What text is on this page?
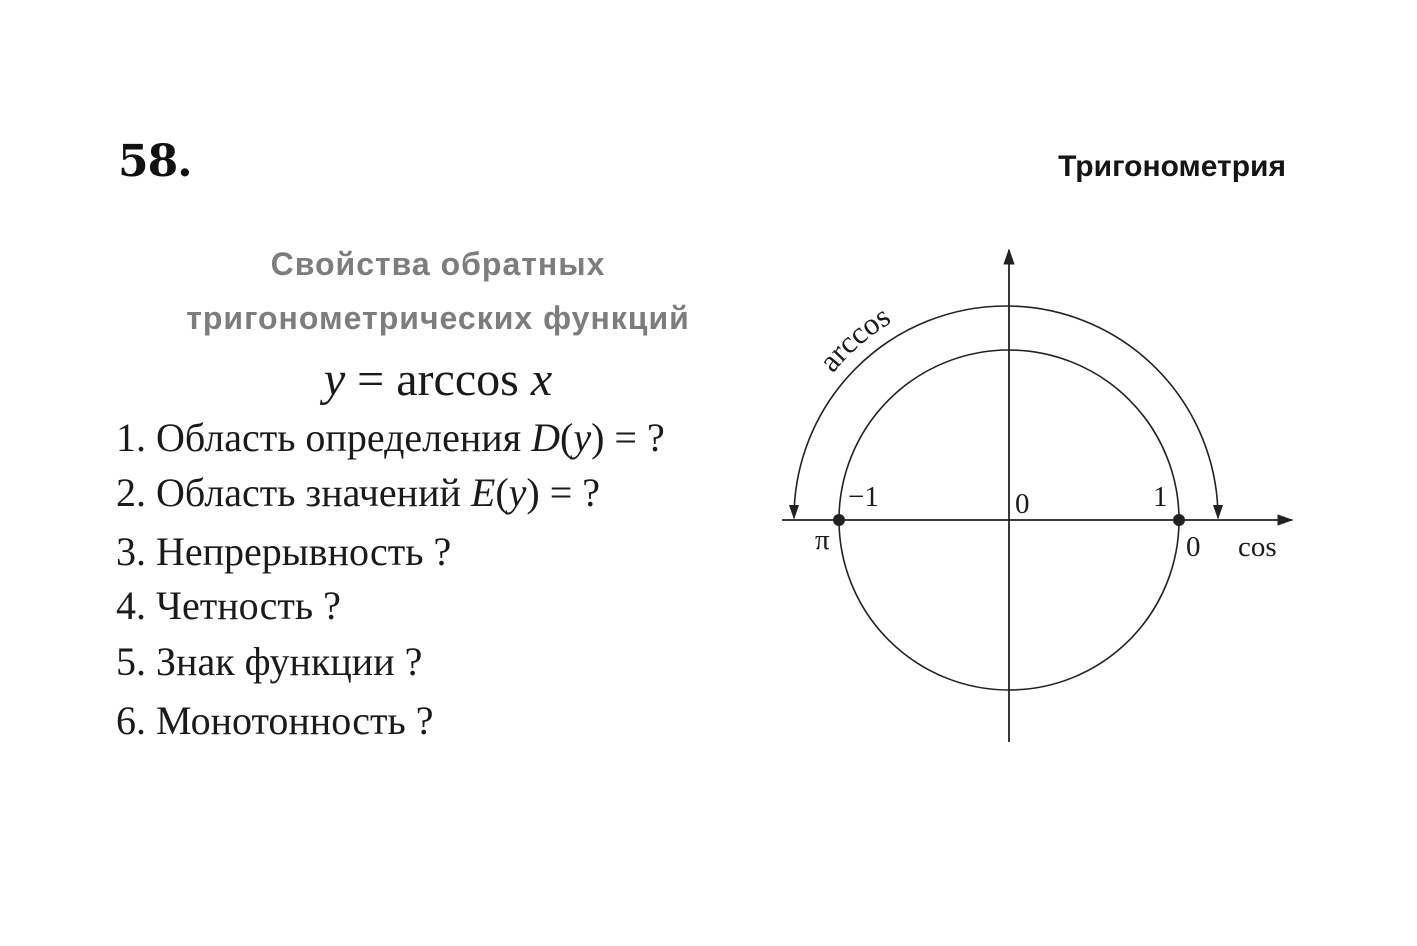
58.	Тригонометрия
Свойства обратных
тригонометрических функций
y = arccos x
1. Область определения D(y) = ?
2. Область значений E(y) = ?
3. Непрерывность ?
4. Четность ?
5. Знак функции ?
6. Монотонность ?
arccos
−1	0	1
π	0 cos
